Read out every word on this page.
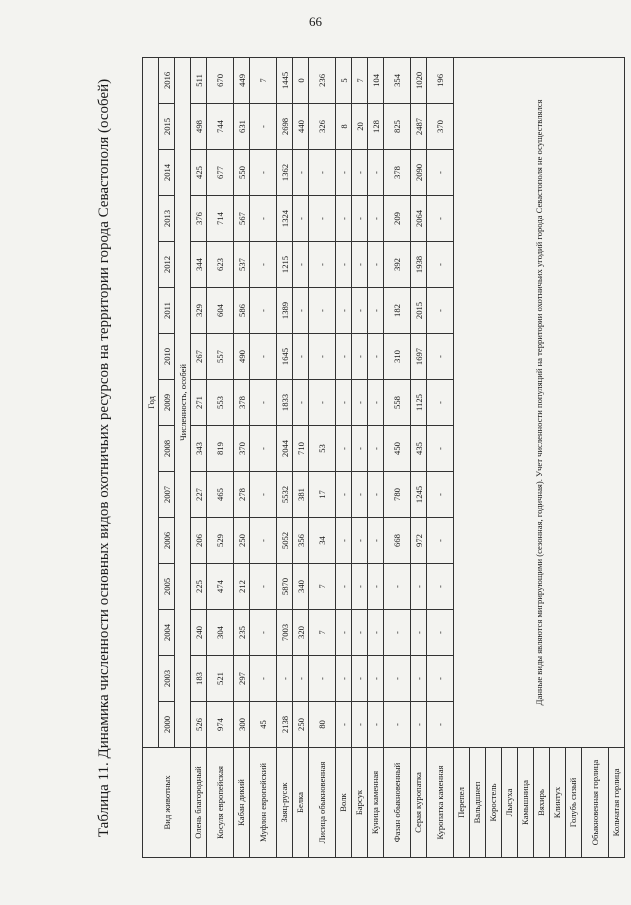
66
Таблица 11. Динамика численности основных видов охотничьих ресурсов на территории города Севастополя (особей)	Вид животных	Год														
	2000	2003	2004	2005	2006	2007	2008	2009	2010	2011	2012	2013	2014	2015	2016
	Численность, особей														
Олень благородный	526	183	240	225	206	227	343	271	267	329	344	376	425	498	511
Косуля европейская	974	521	304	474	529	465	819	553	557	604	623	714	677	744	670
Кабан дикий	300	297	235	212	250	278	370	378	490	586	537	567	550	631	449
Муфлон европейский	45	-	-	-	-	-	-	-	-	-	-	-	-	-	7
Заяц-русак	2138	-	7003	5870	5052	5532	2044	1833	1645	1389	1215	1324	1362	2698	1445
Белка	250	-	320	340	356	381	710	-	-	-	-	-	-	440	0
Лисица обыкновенная	80	-	7	7	34	17	53	-	-	-	-	-	-	326	236
Волк	-	-	-	-	-	-	-	-	-	-	-	-	-	8	5
Барсук	-	-	-	-	-	-	-	-	-	-	-	-	-	20	7
Куница каменная	-	-	-	-	-	-	-	-	-	-	-	-	-	128	104
Фазан обыкновенный	-	-	-	-	668	780	450	558	310	182	392	209	378	825	354
Серая куропатка	-	-	-	-	972	1245	435	1125	1697	2015	1938	2064	2090	2487	1020
Куропатка каменная	-	-	-	-	-	-	-	-	-	-	-	-	-	370	196
Перепел	Данные виды являются мигрирующими (сезонная, годичная). Учет численности популяций на территории охотничьих угодий города Севастополя не осуществлялся														

Вальдшнеп															
Коростель															
Лысуха															
Камышница															
Вяхирь															
Клинтух															
Голубь сизый															
Обыкновенная горлица															
Кольчатая горлица															
